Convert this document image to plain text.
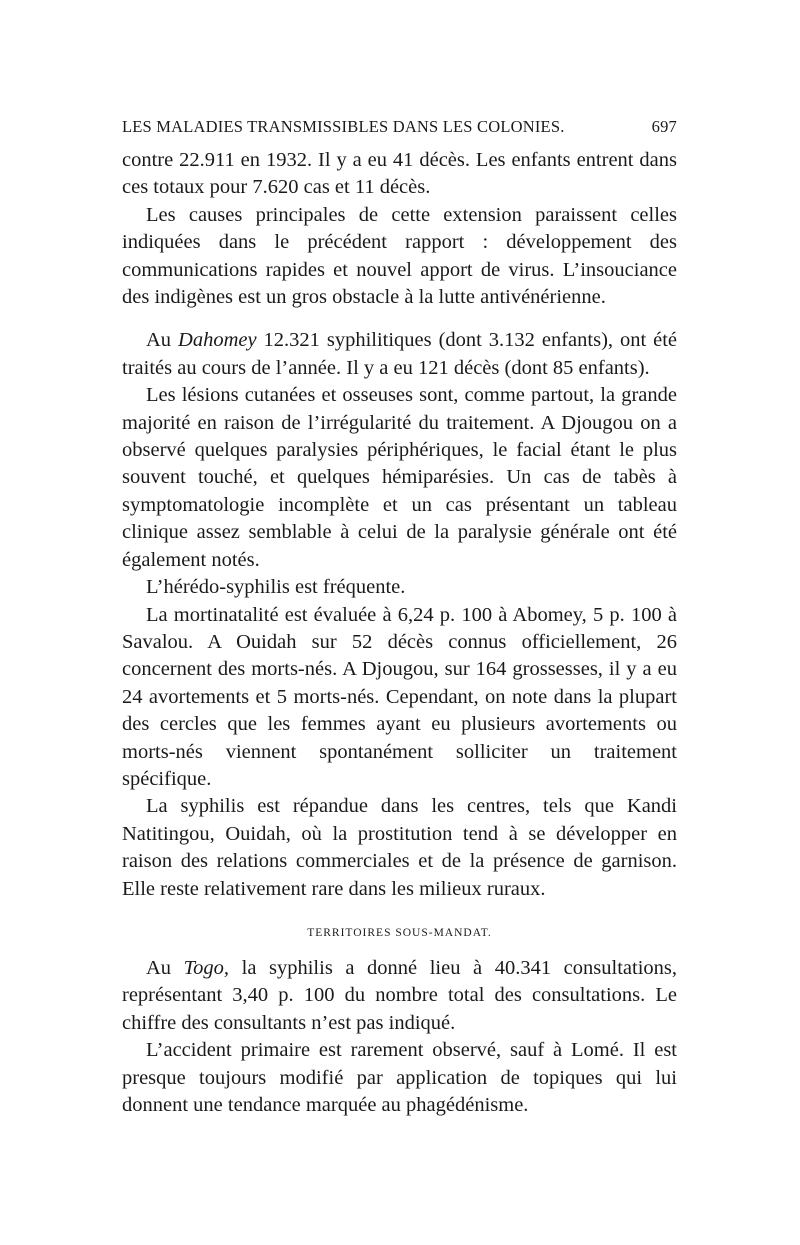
LES MALADIES TRANSMISSIBLES DANS LES COLONIES.	697

contre 22.911 en 1932. Il y a eu 41 décès. Les enfants entrent dans ces totaux pour 7.620 cas et 11 décès.

Les causes principales de cette extension paraissent celles indiquées dans le précédent rapport : développement des communications rapides et nouvel apport de virus. L’insouciance des indigènes est un gros obstacle à la lutte antivénérienne.

Au Dahomey 12.321 syphilitiques (dont 3.132 enfants), ont été traités au cours de l’année. Il y a eu 121 décès (dont 85 enfants).

Les lésions cutanées et osseuses sont, comme partout, la grande majorité en raison de l’irrégularité du traitement. A Djougou on a observé quelques paralysies périphériques, le facial étant le plus souvent touché, et quelques hémiparésies. Un cas de tabès à symptomatologie incomplète et un cas présentant un tableau clinique assez semblable à celui de la paralysie générale ont été également notés.

L’hérédo-syphilis est fréquente.

La mortinatalité est évaluée à 6,24 p. 100 à Abomey, 5 p. 100 à Savalou. A Ouidah sur 52 décès connus officiellement, 26 concernent des morts-nés. A Djougou, sur 164 grossesses, il y a eu 24 avortements et 5 morts-nés. Cependant, on note dans la plupart des cercles que les femmes ayant eu plusieurs avortements ou morts-nés viennent spontanément solliciter un traitement spécifique.

La syphilis est répandue dans les centres, tels que Kandi Natitingou, Ouidah, où la prostitution tend à se développer en raison des relations commerciales et de la présence de garnison. Elle reste relativement rare dans les milieux ruraux.

TERRITOIRES SOUS-MANDAT.

Au Togo, la syphilis a donné lieu à 40.341 consultations, représentant 3,40 p. 100 du nombre total des consultations. Le chiffre des consultants n’est pas indiqué.

L’accident primaire est rarement observé, sauf à Lomé. Il est presque toujours modifié par application de topiques qui lui donnent une tendance marquée au phagédénisme.
